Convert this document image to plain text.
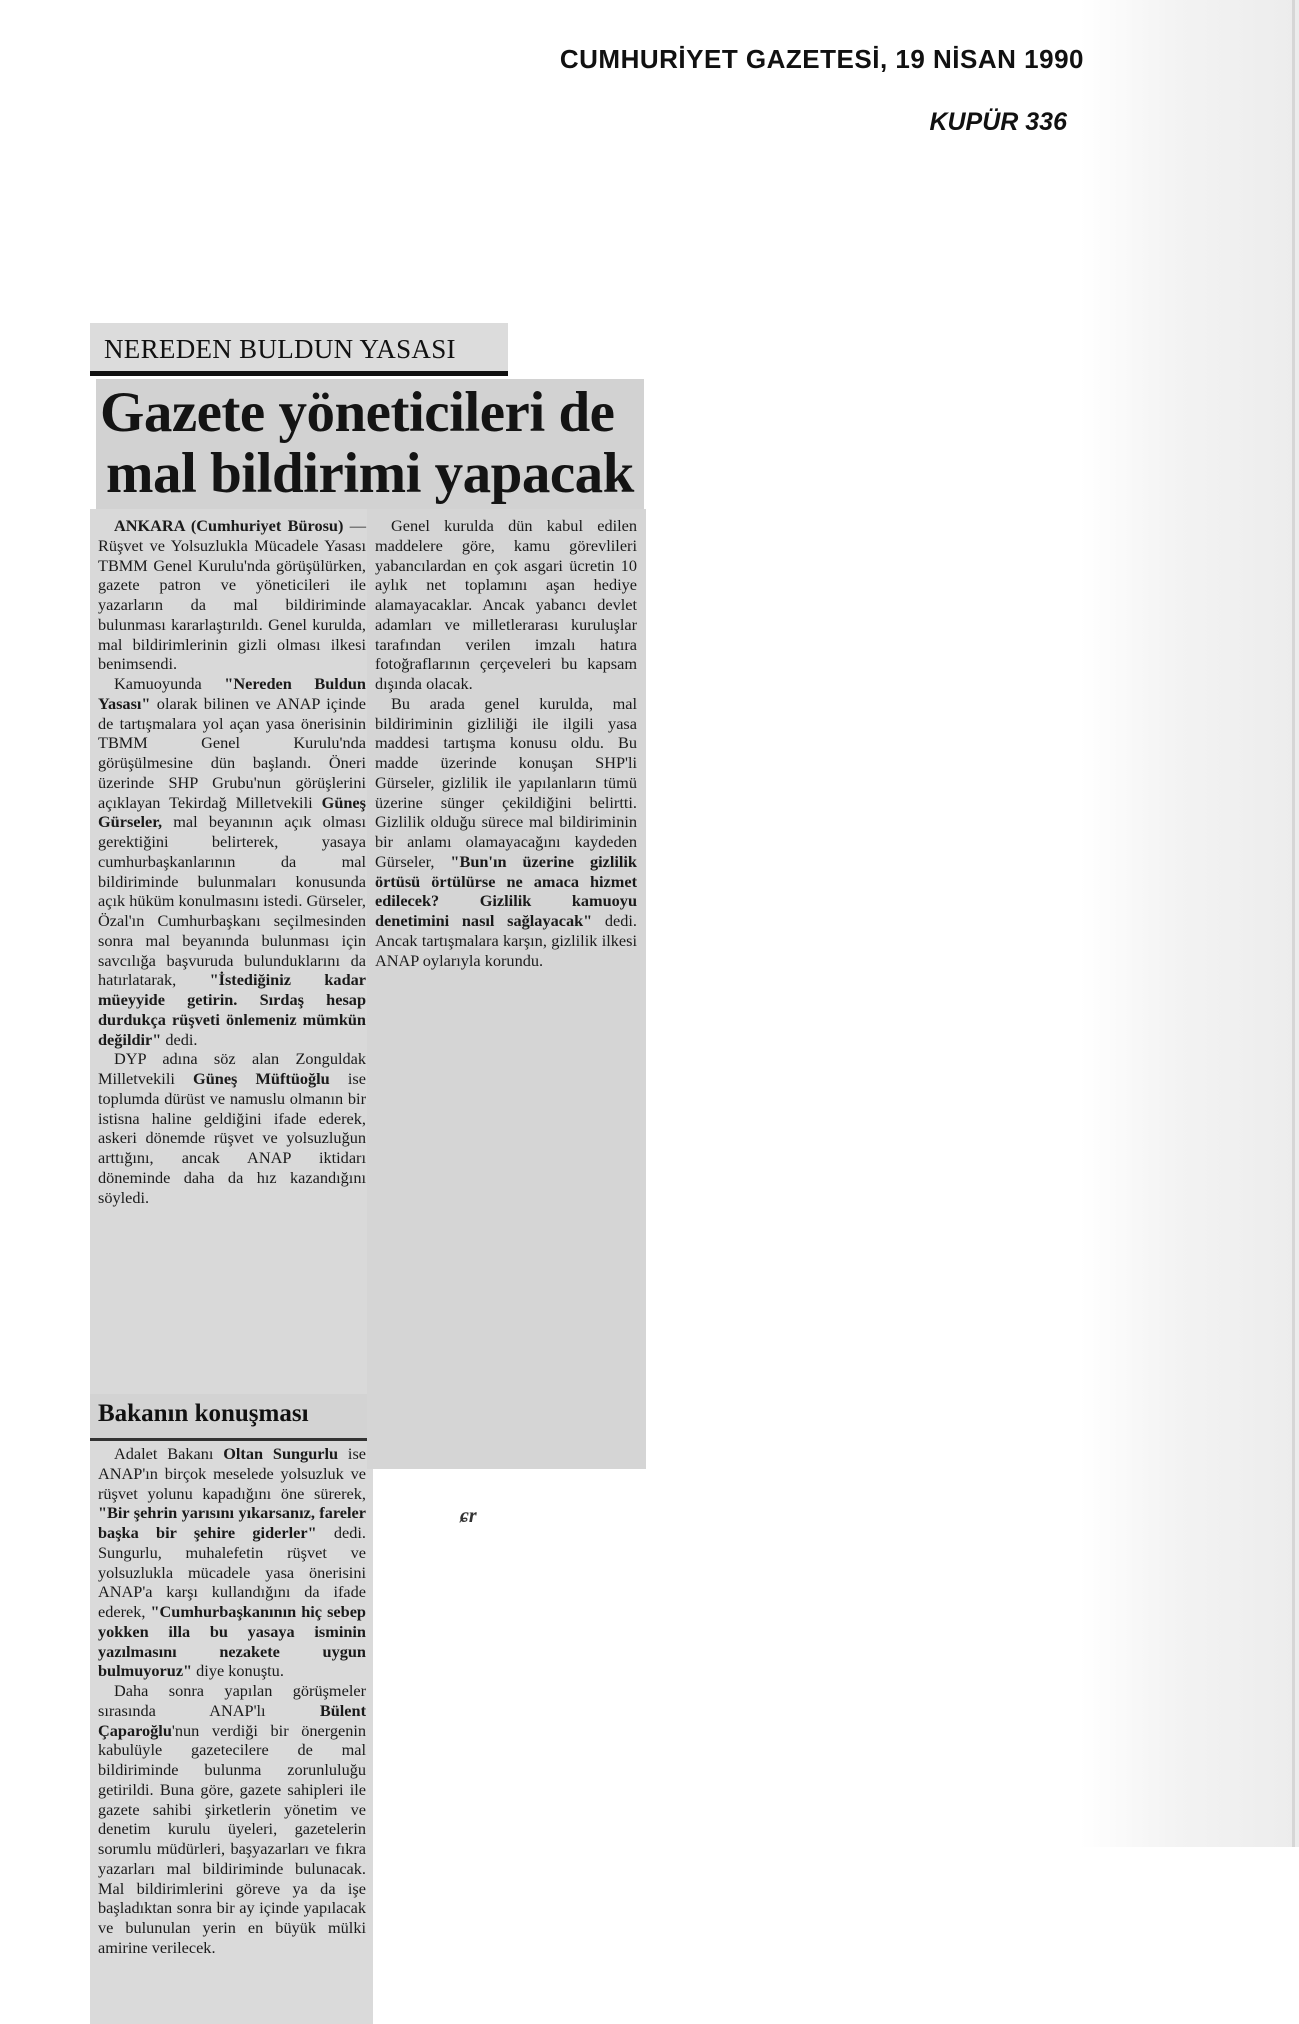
CUMHURİYET GAZETESİ, 19 NİSAN 1990
KUPÜR 336
NEREDEN BULDUN YASASI
Gazete yöneticileri de
mal bildirimi yapacak

ANKARA (Cumhuriyet Bürosu) — Rüşvet ve Yolsuzlukla Mücadele Yasası TBMM Genel Kurulu'nda görüşülürken, gazete patron ve yöneticileri ile yazarların da mal bildiriminde bulunması kararlaştırıldı. Genel kurulda, mal bildirimlerinin gizli olması ilkesi benimsendi.

Kamuoyunda "Nereden Buldun Yasası" olarak bilinen ve ANAP içinde de tartışmalara yol açan yasa önerisinin TBMM Genel Kurulu'nda görüşülmesine dün başlandı. Öneri üzerinde SHP Grubu'nun görüşlerini açıklayan Tekirdağ Milletvekili Güneş Gürseler, mal beyanının açık olması gerektiğini belirterek, yasaya cumhurbaşkanlarının da mal bildiriminde bulunmaları konusunda açık hüküm konulmasını istedi. Gürseler, Özal'ın Cumhurbaşkanı seçilmesinden sonra mal beyanında bulunması için savcılığa başvuruda bulunduklarını da hatırlatarak, "İstediğiniz kadar müeyyide getirin. Sırdaş hesap durdukça rüşveti önlemeniz mümkün değildir" dedi.

DYP adına söz alan Zonguldak Milletvekili Güneş Müftüoğlu ise toplumda dürüst ve namuslu olmanın bir istisna haline geldiğini ifade ederek, askeri dönemde rüşvet ve yolsuzluğun arttığını, ancak ANAP iktidarı döneminde daha da hız kazandığını söyledi.

Bakanın konuşması

Adalet Bakanı Oltan Sungurlu ise ANAP'ın birçok meselede yolsuzluk ve rüşvet yolunu kapadığını öne sürerek, "Bir şehrin yarısını yıkarsanız, fareler başka bir şehire giderler" dedi. Sungurlu, muhalefetin rüşvet ve yolsuzlukla mücadele yasa önerisini ANAP'a karşı kullandığını da ifade ederek, "Cumhurbaşkanının hiç sebep yokken illa bu yasaya isminin yazılmasını nezakete uygun bulmuyoruz" diye konuştu.

Daha sonra yapılan görüşmeler sırasında ANAP'lı Bülent Çaparoğlu'nun verdiği bir önergenin kabulüyle gazetecilere de mal bildiriminde bulunma zorunluluğu getirildi. Buna göre, gazete sahipleri ile gazete sahibi şirketlerin yönetim ve denetim kurulu üyeleri, gazetelerin sorumlu müdürleri, başyazarları ve fıkra yazarları mal bildiriminde bulunacak. Mal bildirimlerini göreve ya da işe başladıktan sonra bir ay içinde yapılacak ve bulunulan yerin en büyük mülki amirine verilecek.

Genel kurulda dün kabul edilen maddelere göre, kamu görevlileri yabancılardan en çok asgari ücretin 10 aylık net toplamını aşan hediye alamayacaklar. Ancak yabancı devlet adamları ve milletlerarası kuruluşlar tarafından verilen imzalı hatıra fotoğraflarının çerçeveleri bu kapsam dışında olacak.

Bu arada genel kurulda, mal bildiriminin gizliliği ile ilgili yasa maddesi tartışma konusu oldu. Bu madde üzerinde konuşan SHP'li Gürseler, gizlilik ile yapılanların tümü üzerine sünger çekildiğini belirtti. Gizlilik olduğu sürece mal bildiriminin bir anlamı olamayacağını kaydeden Gürseler, "Bun'ın üzerine gizlilik örtüsü örtülürse ne amaca hizmet edilecek? Gizlilik kamuoyu denetimini nasıl sağlayacak" dedi. Ancak tartışmalara karşın, gizlilik ilkesi ANAP oylarıyla korundu.

ɕr
